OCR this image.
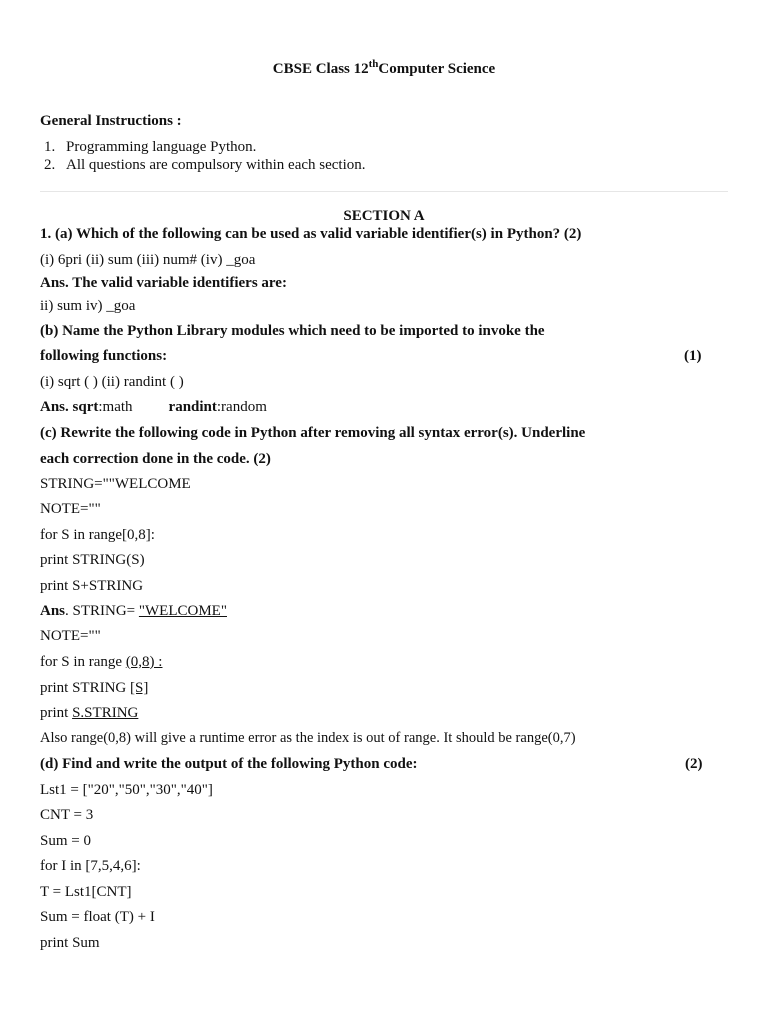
CBSE Class 12thComputer Science
General Instructions :
1. Programming language Python.
2. All questions are compulsory within each section.
SECTION A
1. (a) Which of the following can be used as valid variable identifier(s) in Python? (2)
(i) 6pri (ii) sum (iii) num# (iv) _goa
Ans. The valid variable identifiers are:
ii) sum iv) _goa
(b) Name the Python Library modules which need to be imported to invoke the
following functions:	(1)
(i) sqrt ( ) (ii) randint ( )
Ans. sqrt:math randint:random
(c) Rewrite the following code in Python after removing all syntax error(s). Underline
each correction done in the code. (2)
STRING=""WELCOME
NOTE=""
for S in range[0,8]:
print STRING(S)
print S+STRING
Ans. STRING= "WELCOME"
NOTE=""
for S in range (0,8) :
print STRING [S]
print S.STRING
Also range(0,8) will give a runtime error as the index is out of range. It should be range(0,7)
(d) Find and write the output of the following Python code:	(2)
Lst1 = ["20","50","30","40"]
CNT = 3
Sum = 0
for I in [7,5,4,6]:
T = Lst1[CNT]
Sum = float (T) + I
print Sum
